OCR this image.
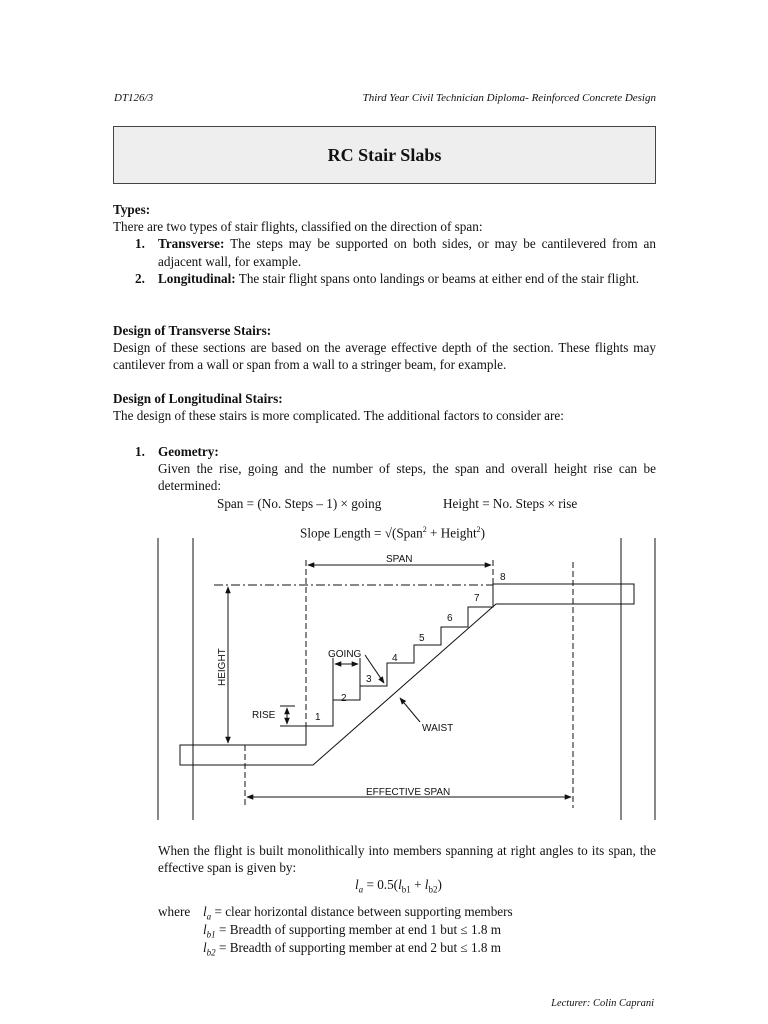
DT126/3	Third Year Civil Technician Diploma- Reinforced Concrete Design
RC Stair Slabs
Types:
There are two types of stair flights, classified on the direction of span:
1. Transverse: The steps may be supported on both sides, or may be cantilevered from an adjacent wall, for example.
2. Longitudinal: The stair flight spans onto landings or beams at either end of the stair flight.
Design of Transverse Stairs:
Design of these sections are based on the average effective depth of the section. These flights may cantilever from a wall or span from a wall to a stringer beam, for example.
Design of Longitudinal Stairs:
The design of these stairs is more complicated. The additional factors to consider are:
1. Geometry:
Given the rise, going and the number of steps, the span and overall height rise can be determined:
Span = (No. Steps – 1) × going	Height = No. Steps × rise
Slope Length = √(Span$^2$ + Height$^2$)
SPAN
GOING
RISE
WAIST
EFFECTIVE SPAN
HEIGHT
1
2
3
4
5
6
7
8
When the flight is built monolithically into members spanning at right angles to its span, the effective span is given by:
$l_a = 0.5(l_{b1} + l_{b2})$
where $l_a$ = clear horizontal distance between supporting members
$l_{b1}$ = Breadth of supporting member at end 1 but ≤ 1.8 m
$l_{b2}$ = Breadth of supporting member at end 2 but ≤ 1.8 m
Lecturer: Colin Caprani
